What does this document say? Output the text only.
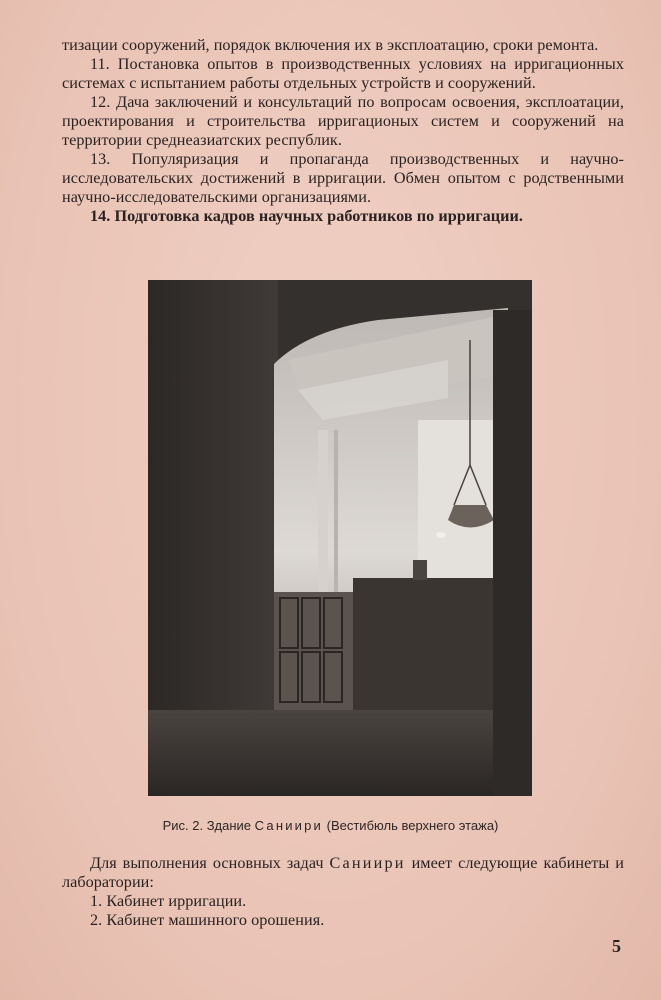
тизации сооружений, порядок включения их в эксплоатацию, сроки ремонта.

11. Постановка опытов в производственных условиях на ирригационных системах с испытанием работы отдельных устройств и сооружений.

12. Дача заключений и консультаций по вопросам освоения, эксплоатации, проектирования и строительства ирригационых систем и сооружений на территории среднеазиатских республик.

13. Популяризация и пропаганда производственных и научно-исследовательских достижений в ирригации. Обмен опытом с родственными научно-исследовательскими организациями.

14. Подготовка кадров научных работников по ирригации.

Рис. 2. Здание Саниири (Вестибюль верхнего этажа)

Для выполнения основных задач Саниири имеет следующие кабинеты и лаборатории:

1. Кабинет ирригации.

2. Кабинет машинного орошения.

5
